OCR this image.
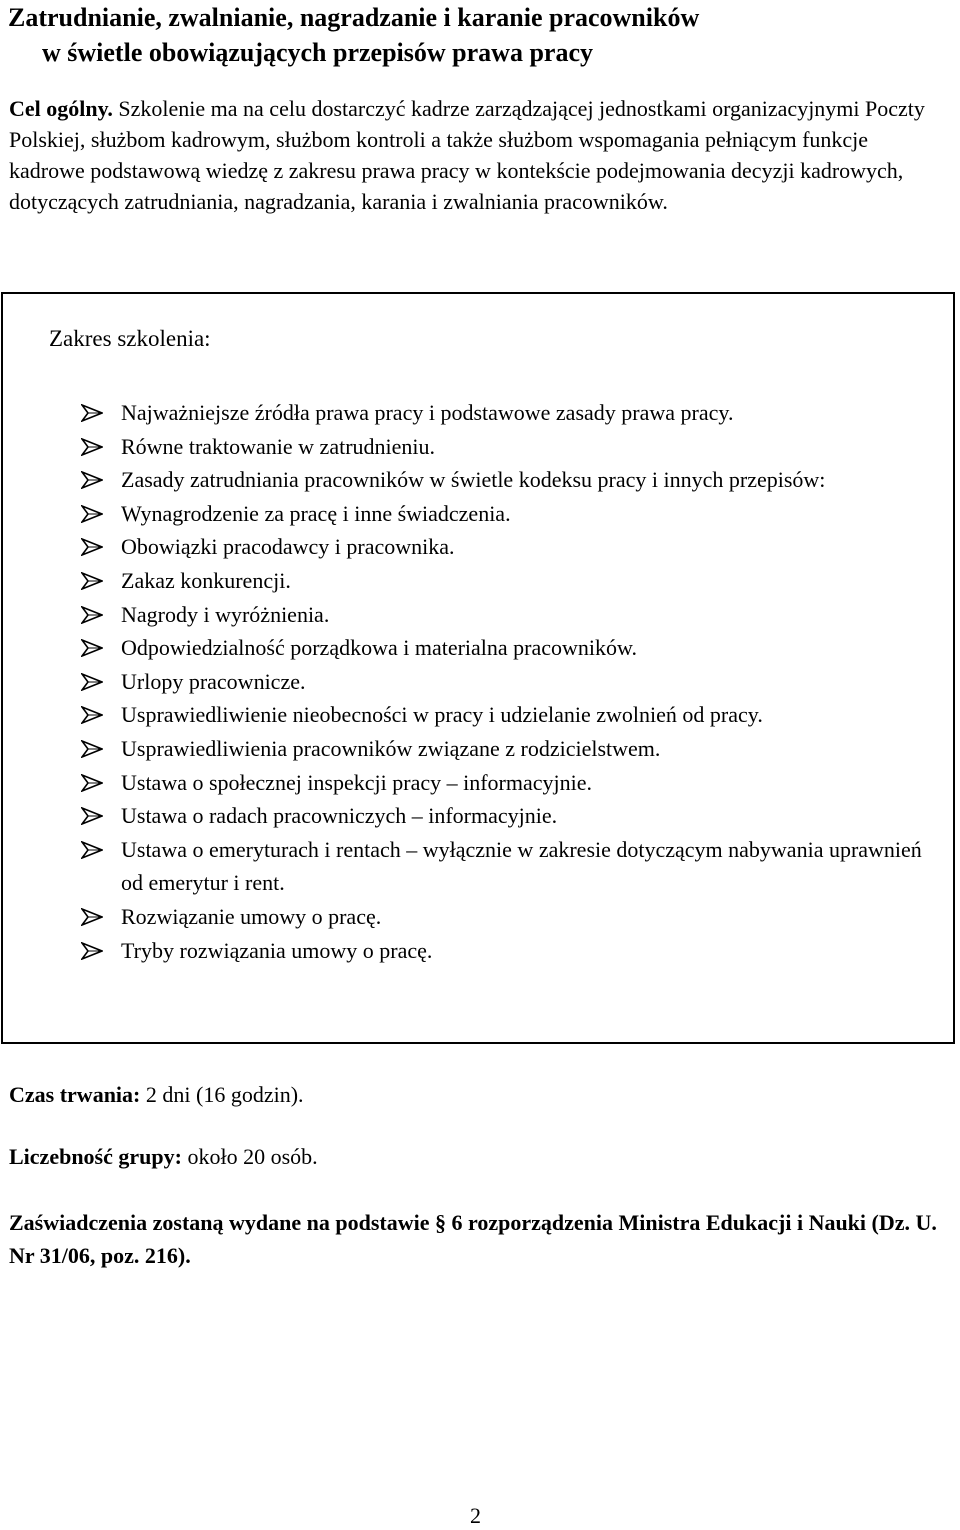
Zatrudnianie, zwalnianie, nagradzanie i karanie pracowników
w świetle obowiązujących przepisów prawa pracy

Cel ogólny. Szkolenie ma na celu dostarczyć kadrze zarządzającej jednostkami organizacyjnymi Poczty Polskiej, służbom kadrowym, służbom kontroli a także służbom wspomagania pełniącym funkcje kadrowe podstawową wiedzę z zakresu prawa pracy w kontekście podejmowania decyzji kadrowych, dotyczących zatrudniania, nagradzania, karania i zwalniania pracowników.

Zakres szkolenia:
Najważniejsze źródła prawa pracy i podstawowe zasady prawa pracy.
Równe traktowanie w zatrudnieniu.
Zasady zatrudniania pracowników w świetle kodeksu pracy i innych przepisów:
Wynagrodzenie za pracę i inne świadczenia.
Obowiązki pracodawcy i pracownika.
Zakaz konkurencji.
Nagrody i wyróżnienia.
Odpowiedzialność porządkowa i materialna pracowników.
Urlopy pracownicze.
Usprawiedliwienie nieobecności w pracy i udzielanie zwolnień od pracy.
Usprawiedliwienia pracowników związane z rodzicielstwem.
Ustawa o społecznej inspekcji pracy – informacyjnie.
Ustawa o radach pracowniczych – informacyjnie.
Ustawa o emeryturach i rentach – wyłącznie w zakresie dotyczącym nabywania uprawnień od emerytur i rent.
Rozwiązanie umowy o pracę.
Tryby rozwiązania umowy o pracę.

Czas trwania: 2 dni (16 godzin).

Liczebność grupy: około 20 osób.

Zaświadczenia zostaną wydane na podstawie § 6 rozporządzenia Ministra Edukacji i Nauki (Dz. U. Nr 31/06, poz. 216).

2
